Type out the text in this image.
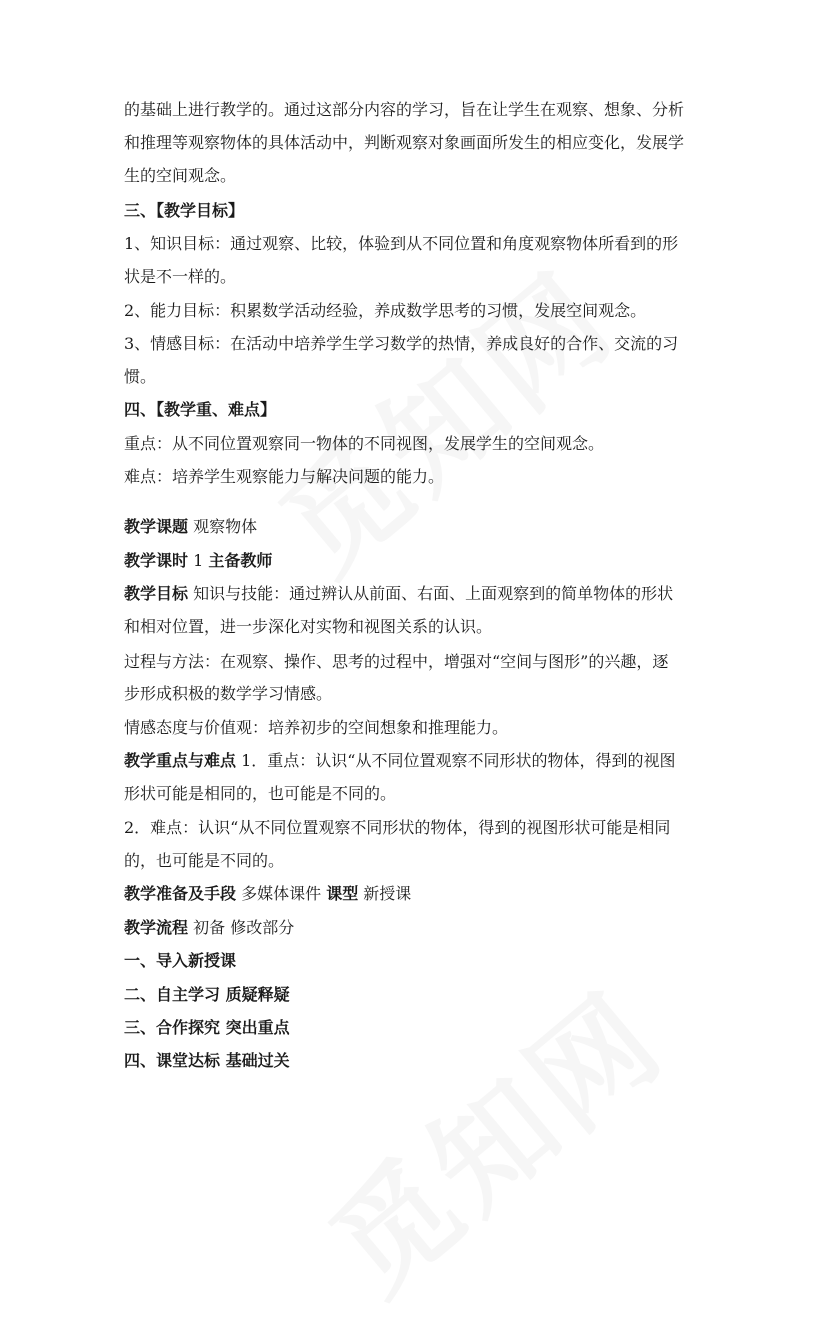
的基础上进行教学的。通过这部分内容的学习，旨在让学生在观察、想象、分析
和推理等观察物体的具体活动中，判断观察对象画面所发生的相应变化，发展学
生的空间观念。
三、【教学目标】
1、知识目标：通过观察、比较，体验到从不同位置和角度观察物体所看到的形
状是不一样的。
2、能力目标：积累数学活动经验，养成数学思考的习惯，发展空间观念。
3、情感目标：在活动中培养学生学习数学的热情，养成良好的合作、交流的习
惯。
四、【教学重、难点】
重点：从不同位置观察同一物体的不同视图，发展学生的空间观念。
难点：培养学生观察能力与解决问题的能力。
教学课题 观察物体
教学课时 1 主备教师
教学目标 知识与技能：通过辨认从前面、右面、上面观察到的简单物体的形状
和相对位置，进一步深化对实物和视图关系的认识。
过程与方法：在观察、操作、思考的过程中，增强对“空间与图形”的兴趣，逐
步形成积极的数学学习情感。
情感态度与价值观：培养初步的空间想象和推理能力。
教学重点与难点 1．重点：认识“从不同位置观察不同形状的物体，得到的视图
形状可能是相同的，也可能是不同的。
2．难点：认识“从不同位置观察不同形状的物体，得到的视图形状可能是相同
的，也可能是不同的。
教学准备及手段 多媒体课件 课型 新授课
教学流程 初备 修改部分
一、导入新授课
二、自主学习 质疑释疑
三、合作探究 突出重点
四、课堂达标 基础过关
